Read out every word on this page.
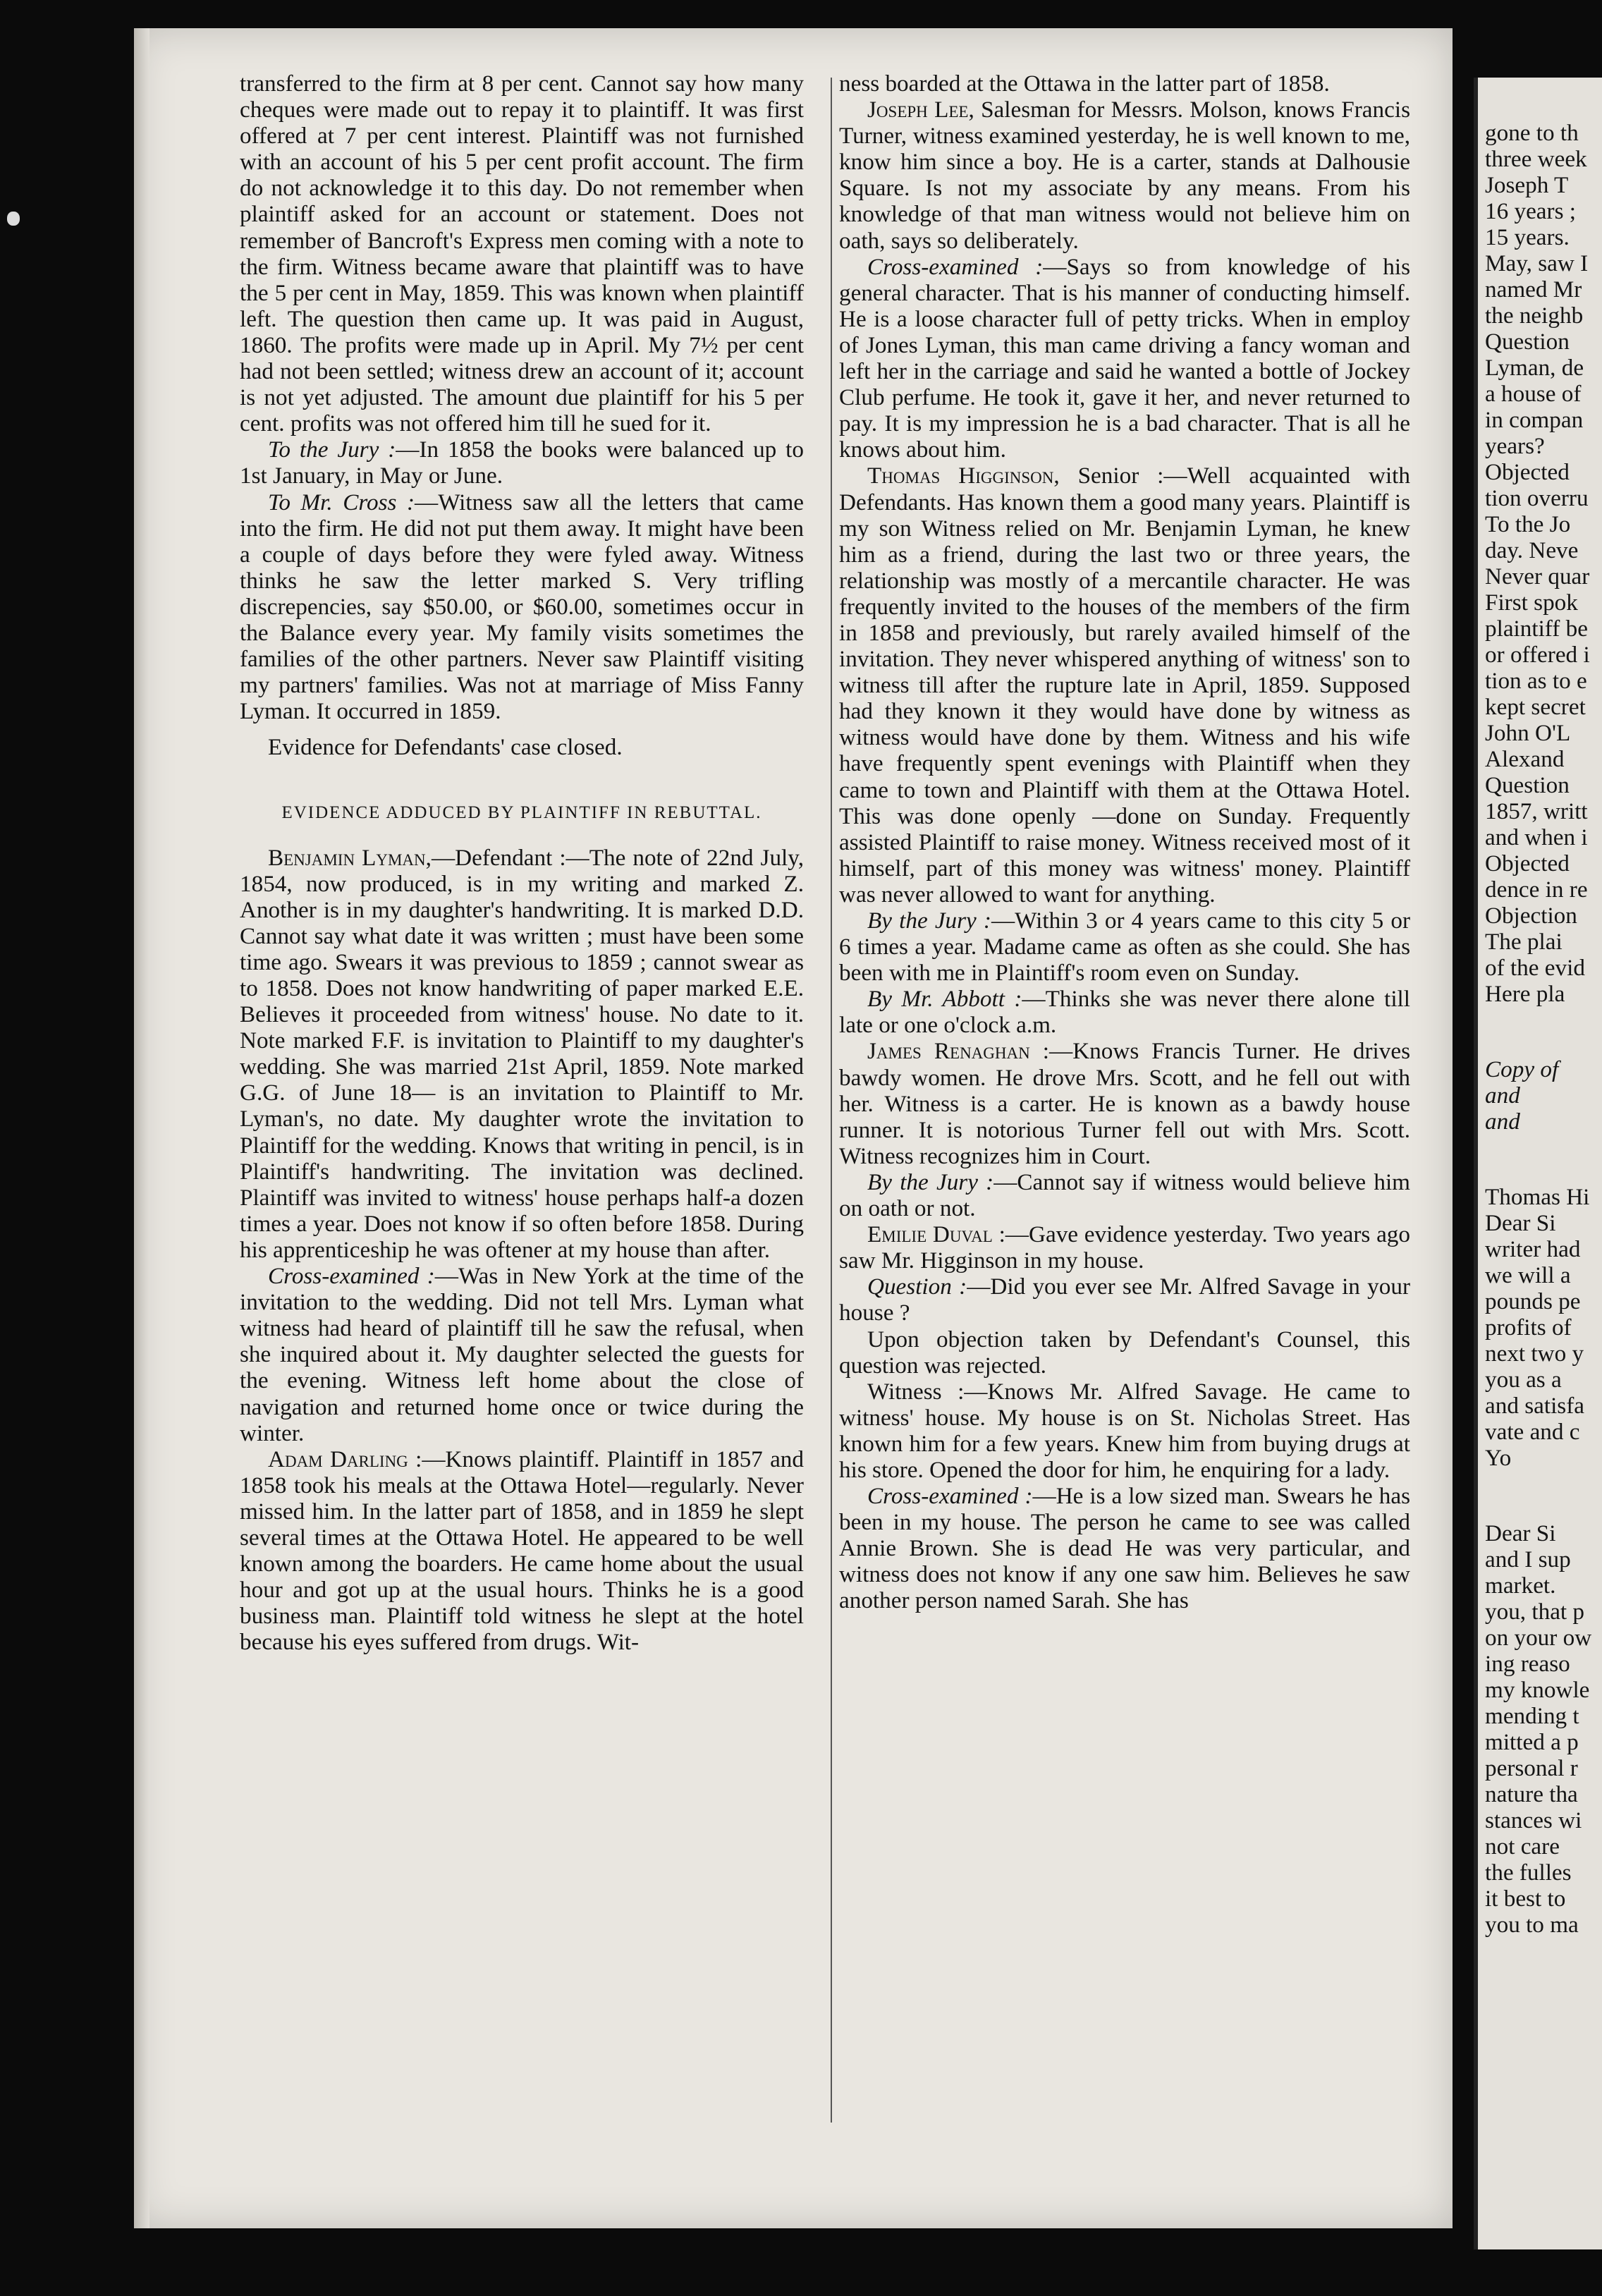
transferred to the firm at 8 per cent. Cannot say how many cheques were made out to repay it to plaintiff. It was first offered at 7 per cent interest. Plaintiff was not furnished with an account of his 5 per cent profit account. The firm do not acknowledge it to this day. Do not remember when plaintiff asked for an account or statement. Does not remember of Bancroft's Express men coming with a note to the firm. Witness became aware that plaintiff was to have the 5 per cent in May, 1859. This was known when plaintiff left. The question then came up. It was paid in August, 1860. The profits were made up in April. My 7½ per cent had not been settled; witness drew an account of it; account is not yet adjusted. The amount due plaintiff for his 5 per cent. profits was not offered him till he sued for it.

To the Jury :—In 1858 the books were balanced up to 1st January, in May or June.

To Mr. Cross :—Witness saw all the letters that came into the firm. He did not put them away. It might have been a couple of days before they were fyled away. Witness thinks he saw the letter marked S. Very trifling discrepencies, say $50.00, or $60.00, sometimes occur in the Balance every year. My family visits sometimes the families of the other partners. Never saw Plaintiff visiting my partners' families. Was not at marriage of Miss Fanny Lyman. It occurred in 1859.

Evidence for Defendants' case closed.

EVIDENCE ADDUCED BY PLAINTIFF IN REBUTTAL.

Benjamin Lyman,—Defendant :—The note of 22nd July, 1854, now produced, is in my writing and marked Z. Another is in my daughter's handwriting. It is marked D.D. Cannot say what date it was written ; must have been some time ago. Swears it was previous to 1859 ; cannot swear as to 1858. Does not know handwriting of paper marked E.E. Believes it proceeded from witness' house. No date to it. Note marked F.F. is invitation to Plaintiff to my daughter's wedding. She was married 21st April, 1859. Note marked G.G. of June 18— is an invitation to Plaintiff to Mr. Lyman's, no date. My daughter wrote the invitation to Plaintiff for the wedding. Knows that writing in pencil, is in Plaintiff's handwriting. The invitation was declined. Plaintiff was invited to witness' house perhaps half-a dozen times a year. Does not know if so often before 1858. During his apprenticeship he was oftener at my house than after.

Cross-examined :—Was in New York at the time of the invitation to the wedding. Did not tell Mrs. Lyman what witness had heard of plaintiff till he saw the refusal, when she inquired about it. My daughter selected the guests for the evening. Witness left home about the close of navigation and returned home once or twice during the winter.

Adam Darling :—Knows plaintiff. Plaintiff in 1857 and 1858 took his meals at the Ottawa Hotel—regularly. Never missed him. In the latter part of 1858, and in 1859 he slept several times at the Ottawa Hotel. He appeared to be well known among the boarders. He came home about the usual hour and got up at the usual hours. Thinks he is a good business man. Plaintiff told witness he slept at the hotel because his eyes suffered from drugs. Wit-

ness boarded at the Ottawa in the latter part of 1858.

Joseph Lee, Salesman for Messrs. Molson, knows Francis Turner, witness examined yesterday, he is well known to me, know him since a boy. He is a carter, stands at Dalhousie Square. Is not my associate by any means. From his knowledge of that man witness would not believe him on oath, says so deliberately.

Cross-examined :—Says so from knowledge of his general character. That is his manner of conducting himself. He is a loose character full of petty tricks. When in employ of Jones Lyman, this man came driving a fancy woman and left her in the carriage and said he wanted a bottle of Jockey Club perfume. He took it, gave it her, and never returned to pay. It is my impression he is a bad character. That is all he knows about him.

Thomas Higginson, Senior :—Well acquainted with Defendants. Has known them a good many years. Plaintiff is my son Witness relied on Mr. Benjamin Lyman, he knew him as a friend, during the last two or three years, the relationship was mostly of a mercantile character. He was frequently invited to the houses of the members of the firm in 1858 and previously, but rarely availed himself of the invitation. They never whispered anything of witness' son to witness till after the rupture late in April, 1859. Supposed had they known it they would have done by witness as witness would have done by them. Witness and his wife have frequently spent evenings with Plaintiff when they came to town and Plaintiff with them at the Ottawa Hotel. This was done openly —done on Sunday. Frequently assisted Plaintiff to raise money. Witness received most of it himself, part of this money was witness' money. Plaintiff was never allowed to want for anything.

By the Jury :—Within 3 or 4 years came to this city 5 or 6 times a year. Madame came as often as she could. She has been with me in Plaintiff's room even on Sunday.

By Mr. Abbott :—Thinks she was never there alone till late or one o'clock a.m.

James Renaghan :—Knows Francis Turner. He drives bawdy women. He drove Mrs. Scott, and he fell out with her. Witness is a carter. He is known as a bawdy house runner. It is notorious Turner fell out with Mrs. Scott. Witness recognizes him in Court.

By the Jury :—Cannot say if witness would believe him on oath or not.

Emilie Duval :—Gave evidence yesterday. Two years ago saw Mr. Higginson in my house.

Question :—Did you ever see Mr. Alfred Savage in your house ?

Upon objection taken by Defendant's Counsel, this question was rejected.

Witness :—Knows Mr. Alfred Savage. He came to witness' house. My house is on St. Nicholas Street. Has known him for a few years. Knew him from buying drugs at his store. Opened the door for him, he enquiring for a lady.

Cross-examined :—He is a low sized man. Swears he has been in my house. The person he came to see was called Annie Brown. She is dead He was very particular, and witness does not know if any one saw him. Believes he saw another person named Sarah. She has

gone to th

three week

Joseph T

16 years ;

15 years.

May, saw I

named Mr

the neighb

Question

Lyman, de

a house of

in compan

years?

Objected

tion overru

To the Jo

day. Neve

Never quar

First spok

plaintiff be

or offered i

tion as to e

kept secret

John O'L

Alexand

Question

1857, writt

and when i

Objected

dence in re

Objection

The plai

of the evid

Here pla

Copy of

and

and

Thomas Hi

Dear Si

writer had

we will a

pounds pe

profits of

next two y

you as a

and satisfa

vate and c

Yo

Dear Si

and I sup

market.

you, that p

on your ow

ing reaso

my knowle

mending t

mitted a p

personal r

nature tha

stances wi

not care

the fulles

it best to

you to ma
